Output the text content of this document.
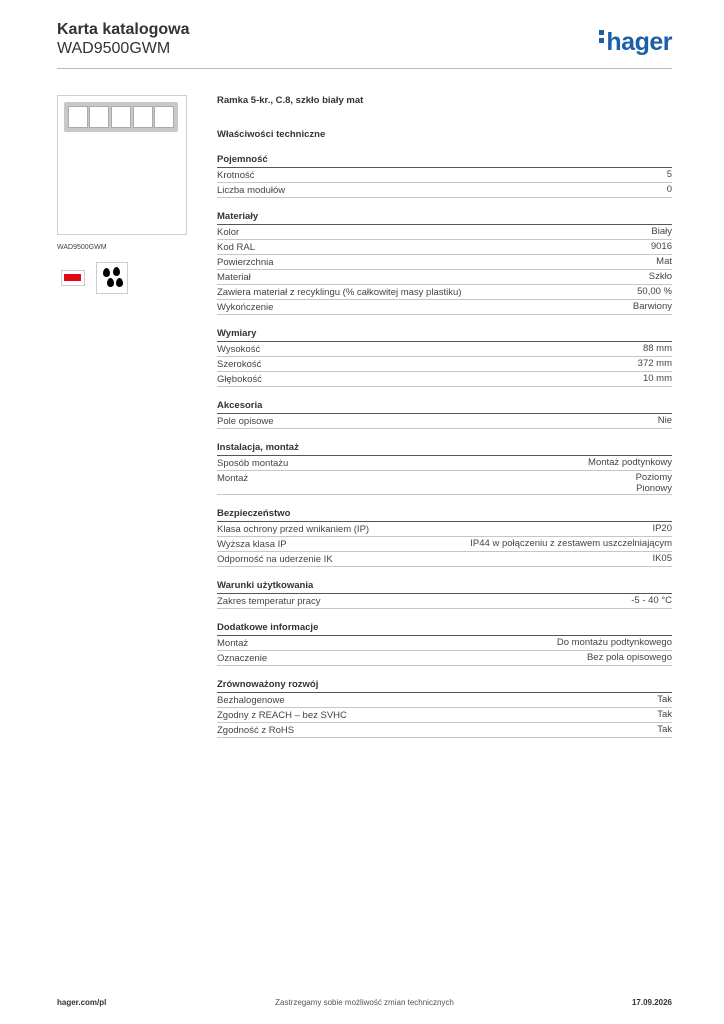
Karta katalogowa
WAD9500GWM	hager
WAD9500GWM
Ramka 5-kr., C.8, szkło biały mat
Właściwości techniczne
Pojemność
Krotność	5
Liczba modułów	0
Materiały
Kolor	Biały
Kod RAL	9016
Powierzchnia	Mat
Materiał	Szkło
Zawiera materiał z recyklingu (% całkowitej masy plastiku)	50,00 %
Wykończenie	Barwiony
Wymiary
Wysokość	88 mm
Szerokość	372 mm
Głębokość	10 mm
Akcesoria
Pole opisowe	Nie
Instalacja, montaż
Sposób montażu	Montaż podtynkowy
Montaż	Poziomy
Pionowy
Bezpieczeństwo
Klasa ochrony przed wnikaniem (IP)	IP20
Wyższa klasa IP	IP44 w połączeniu z zestawem uszczelniającym
Odporność na uderzenie IK	IK05
Warunki użytkowania
Zakres temperatur pracy	-5 - 40 °C
Dodatkowe informacje
Montaż	Do montażu podtynkowego
Oznaczenie	Bez pola opisowego
Zrównoważony rozwój
Bezhalogenowe	Tak
Zgodny z REACH – bez SVHC	Tak
Zgodność z RoHS	Tak
hager.com/pl	Zastrzegamy sobie możliwość zmian technicznych	17.09.2026
